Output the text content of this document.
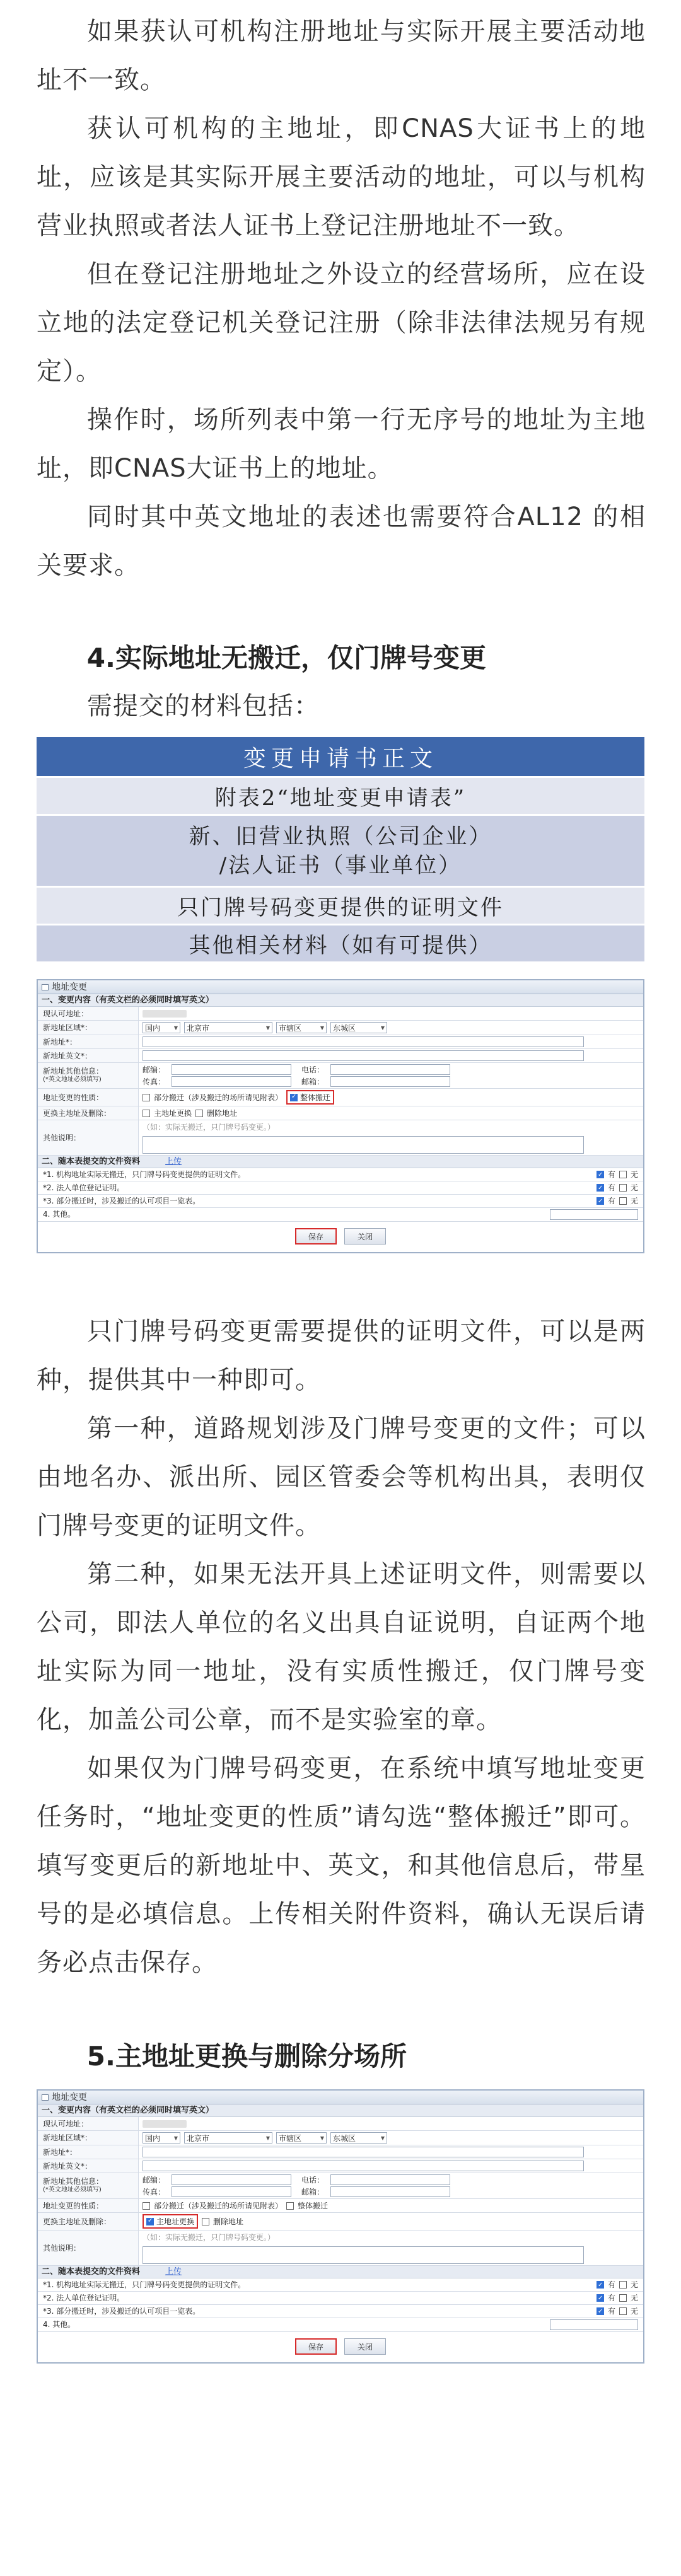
如果获认可机构注册地址与实际开展主要活动地址不一致。

获认可机构的主地址，即CNAS大证书上的地址，应该是其实际开展主要活动的地址，可以与机构营业执照或者法人证书上登记注册地址不一致。

但在登记注册地址之外设立的经营场所，应在设立地的法定登记机关登记注册（除非法律法规另有规定）。

操作时，场所列表中第一行无序号的地址为主地址，即CNAS大证书上的地址。

同时其中英文地址的表述也需要符合AL12 的相关要求。

4.实际地址无搬迁，仅门牌号变更

需提交的材料包括：

变更申请书正文
附表2“地址变更申请表”
新、旧营业执照（公司企业）
/法人证书（事业单位）
只门牌号码变更提供的证明文件
其他相关材料（如有可提供）
地址变更
一、变更内容（有英文栏的必须同时填写英文）
现认可地址：
新地址区域*：	国内 ▼	北京市 ▼	市辖区 ▼	东城区 ▼
新地址*：
新地址英文*：
新地址其他信息：
(*英文地址必须填写)
邮编：	电话：
传真：	邮箱：
地址变更的性质：	部分搬迁（涉及搬迁的场所请见附表） ✓ 整体搬迁
更换主地址及删除：	主地址更换 删除地址
其他说明：
（如：实际无搬迁，只门牌号码变更。）
二、随本表提交的文件资料	上传
*1. 机构地址实际无搬迁，只门牌号码变更提供的证明文件。 ✓	有 无
*2. 法人单位登记证明。 ✓	有 无
*3. 部分搬迁时，涉及搬迁的认可项目一览表。 ✓	有 无
4. 其他。
保存	关闭

只门牌号码变更需要提供的证明文件，可以是两种，提供其中一种即可。

第一种，道路规划涉及门牌号变更的文件；可以由地名办、派出所、园区管委会等机构出具，表明仅门牌号变更的证明文件。

第二种，如果无法开具上述证明文件，则需要以公司，即法人单位的名义出具自证说明，自证两个地址实际为同一地址，没有实质性搬迁，仅门牌号变化，加盖公司公章，而不是实验室的章。

如果仅为门牌号码变更，在系统中填写地址变更任务时，“地址变更的性质”请勾选“整体搬迁”即可。填写变更后的新地址中、英文，和其他信息后，带星号的是必填信息。上传相关附件资料，确认无误后请务必点击保存。

5.主地址更换与删除分场所
地址变更
一、变更内容（有英文栏的必须同时填写英文）
现认可地址：
新地址区域*：	国内 ▼	北京市 ▼	市辖区 ▼	东城区 ▼
新地址*：
新地址英文*：
新地址其他信息：
(*英文地址必须填写)
邮编：	电话：
传真：	邮箱：
地址变更的性质：	部分搬迁（涉及搬迁的场所请见附表） 整体搬迁
更换主地址及删除： ✓	主地址更换	删除地址
其他说明：
（如：实际无搬迁，只门牌号码变更。）
二、随本表提交的文件资料	上传
*1. 机构地址实际无搬迁，只门牌号码变更提供的证明文件。 ✓	有 无
*2. 法人单位登记证明。 ✓	有 无
*3. 部分搬迁时，涉及搬迁的认可项目一览表。 ✓	有 无
4. 其他。
保存	关闭
